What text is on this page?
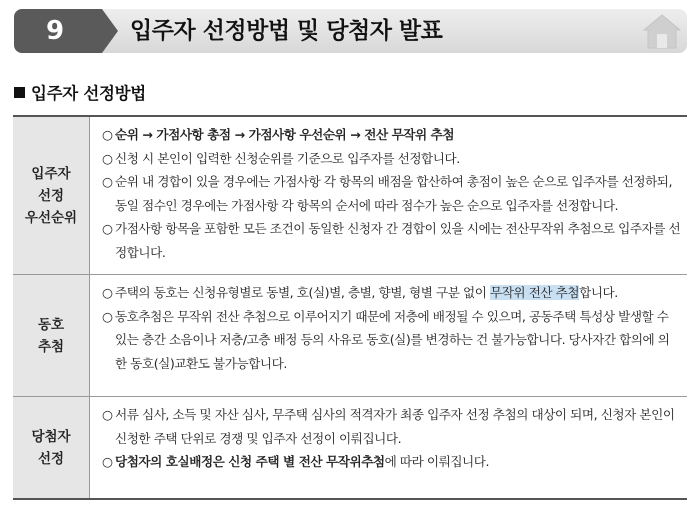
9	입주자 선정방법 및 당첨자 발표
입주자 선정방법
입주자
선정
우선순위
○ 순위 → 가점사항 총점 → 가점사항 우선순위 → 전산 무작위 추첨
○ 신청 시 본인이 입력한 신청순위를 기준으로 입주자를 선정합니다.
○ 순위 내 경합이 있을 경우에는 가점사항 각 항목의 배점을 합산하여 총점이 높은 순으로 입주자를 선정하되, 동일 점수인 경우에는 가점사항 각 항목의 순서에 따라 점수가 높은 순으로 입주자를 선정합니다.
○ 가점사항 항목을 포함한 모든 조건이 동일한 신청자 간 경합이 있을 시에는 전산무작위 추첨으로 입주자를 선정합니다.
동호
추첨
○ 주택의 동호는 신청유형별로 동별, 호(실)별, 층별, 향별, 형별 구분 없이 무작위 전산 추첨합니다.
○ 동호추첨은 무작위 전산 추첨으로 이루어지기 때문에 저층에 배정될 수 있으며, 공동주택 특성상 발생할 수 있는 층간 소음이나 저층/고층 배정 등의 사유로 동호(실)를 변경하는 건 불가능합니다. 당사자간 합의에 의한 동호(실)교환도 불가능합니다.
당첨자
선정
○ 서류 심사, 소득 및 자산 심사, 무주택 심사의 적격자가 최종 입주자 선정 추첨의 대상이 되며, 신청자 본인이 신청한 주택 단위로 경쟁 및 입주자 선정이 이뤄집니다.
○ 당첨자의 호실배정은 신청 주택 별 전산 무작위추첨에 따라 이뤄집니다.
